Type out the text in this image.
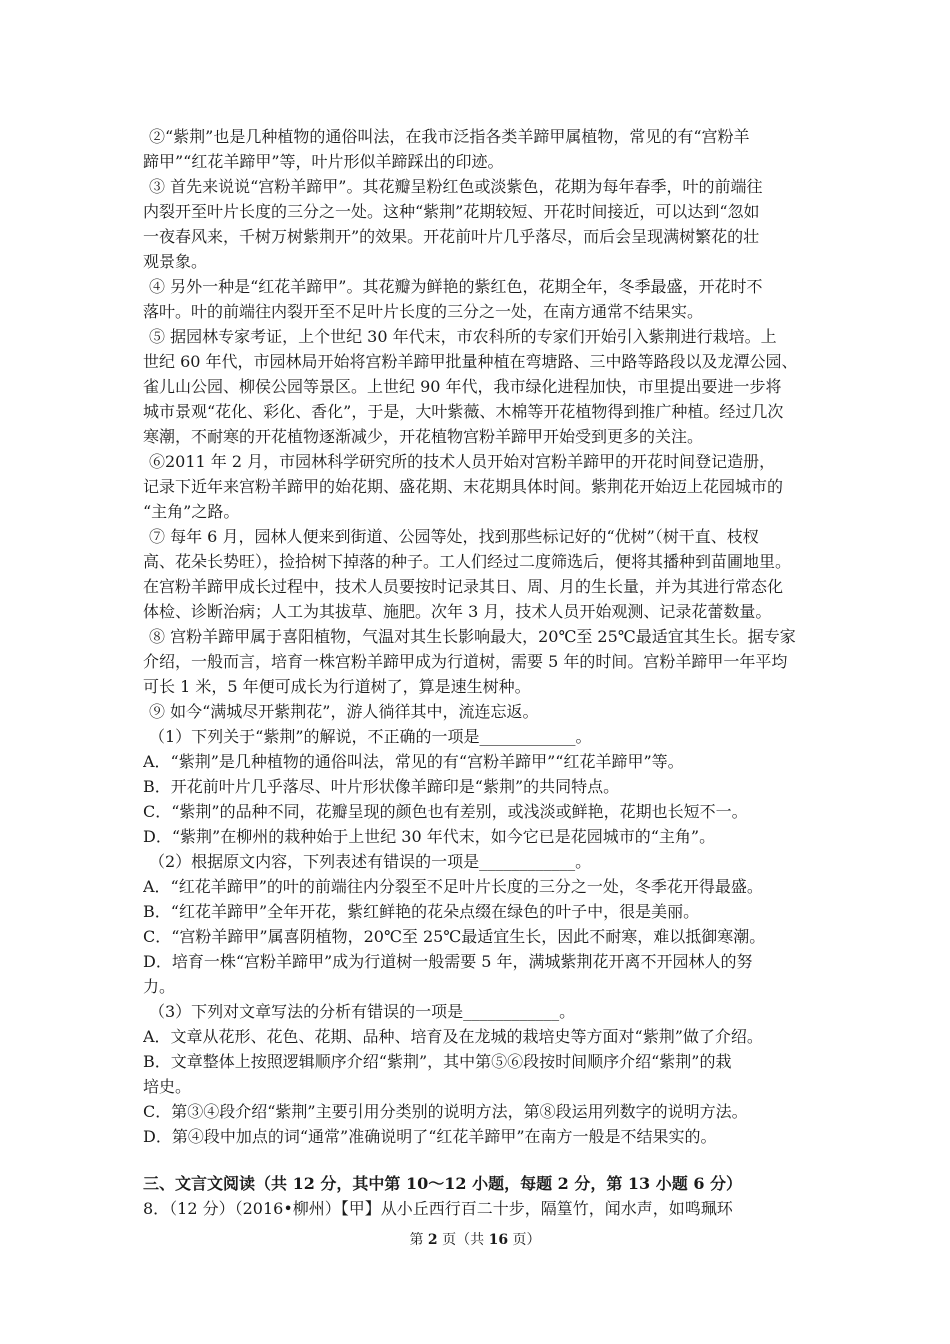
②“紫荆”也是几种植物的通俗叫法，在我市泛指各类羊蹄甲属植物，常见的有“宫粉羊
蹄甲”“红花羊蹄甲”等，叶片形似羊蹄踩出的印迹。
③ 首先来说说“宫粉羊蹄甲”。其花瓣呈粉红色或淡紫色，花期为每年春季，叶的前端往
内裂开至叶片长度的三分之一处。这种“紫荆”花期较短、开花时间接近，可以达到“忽如
一夜春风来，千树万树紫荆开”的效果。开花前叶片几乎落尽，而后会呈现满树繁花的壮
观景象。
④ 另外一种是“红花羊蹄甲”。其花瓣为鲜艳的紫红色，花期全年，冬季最盛，开花时不
落叶。叶的前端往内裂开至不足叶片长度的三分之一处，在南方通常不结果实。
⑤ 据园林专家考证，上个世纪 30 年代末，市农科所的专家们开始引入紫荆进行栽培。上
世纪 60 年代，市园林局开始将宫粉羊蹄甲批量种植在弯塘路、三中路等路段以及龙潭公园、
雀儿山公园、柳侯公园等景区。上世纪 90 年代，我市绿化进程加快，市里提出要进一步将
城市景观“花化、彩化、香化”，于是，大叶紫薇、木棉等开花植物得到推广种植。经过几次
寒潮，不耐寒的开花植物逐渐减少，开花植物宫粉羊蹄甲开始受到更多的关注。
⑥2011 年 2 月，市园林科学研究所的技术人员开始对宫粉羊蹄甲的开花时间登记造册，
记录下近年来宫粉羊蹄甲的始花期、盛花期、末花期具体时间。紫荆花开始迈上花园城市的
“主角”之路。
⑦ 每年 6 月，园林人便来到街道、公园等处，找到那些标记好的“优树”（树干直、枝杈
高、花朵长势旺），捡拾树下掉落的种子。工人们经过二度筛选后，便将其播种到苗圃地里。
在宫粉羊蹄甲成长过程中，技术人员要按时记录其日、周、月的生长量，并为其进行常态化
体检、诊断治病；人工为其拔草、施肥。次年 3 月，技术人员开始观测、记录花蕾数量。
⑧ 宫粉羊蹄甲属于喜阳植物，气温对其生长影响最大，20℃至 25℃最适宜其生长。据专家
介绍，一般而言，培育一株宫粉羊蹄甲成为行道树，需要 5 年的时间。宫粉羊蹄甲一年平均
可长 1 米，5 年便可成长为行道树了，算是速生树种。
⑨ 如今“满城尽开紫荆花”，游人徜徉其中，流连忘返。
（1）下列关于“紫荆”的解说，不正确的一项是____________。
A．“紫荆”是几种植物的通俗叫法，常见的有“宫粉羊蹄甲”“红花羊蹄甲”等。
B．开花前叶片几乎落尽、叶片形状像羊蹄印是“紫荆”的共同特点。
C．“紫荆”的品种不同，花瓣呈现的颜色也有差别，或浅淡或鲜艳，花期也长短不一。
D．“紫荆”在柳州的栽种始于上世纪 30 年代末，如今它已是花园城市的“主角”。
（2）根据原文内容，下列表述有错误的一项是____________。
A．“红花羊蹄甲”的叶的前端往内分裂至不足叶片长度的三分之一处，冬季花开得最盛。
B．“红花羊蹄甲”全年开花，紫红鲜艳的花朵点缀在绿色的叶子中，很是美丽。
C．“宫粉羊蹄甲”属喜阴植物，20℃至 25℃最适宜生长，因此不耐寒，难以抵御寒潮。
D．培育一株“宫粉羊蹄甲”成为行道树一般需要 5 年，满城紫荆花开离不开园林人的努
力。
（3）下列对文章写法的分析有错误的一项是____________。
A．文章从花形、花色、花期、品种、培育及在龙城的栽培史等方面对“紫荆”做了介绍。
B．文章整体上按照逻辑顺序介绍“紫荆”，其中第⑤⑥段按时间顺序介绍“紫荆”的栽
培史。
C．第③④段介绍“紫荆”主要引用分类别的说明方法，第⑧段运用列数字的说明方法。
D．第④段中加点的词“通常”准确说明了“红花羊蹄甲”在南方一般是不结果实的。
三、文言文阅读（共 12 分，其中第 10～12 小题，每题 2 分，第 13 小题 6 分）
8．（12 分）（2016•柳州）【甲】从小丘西行百二十步，隔篁竹，闻水声，如鸣珮环
第 2 页（共 16 页）
